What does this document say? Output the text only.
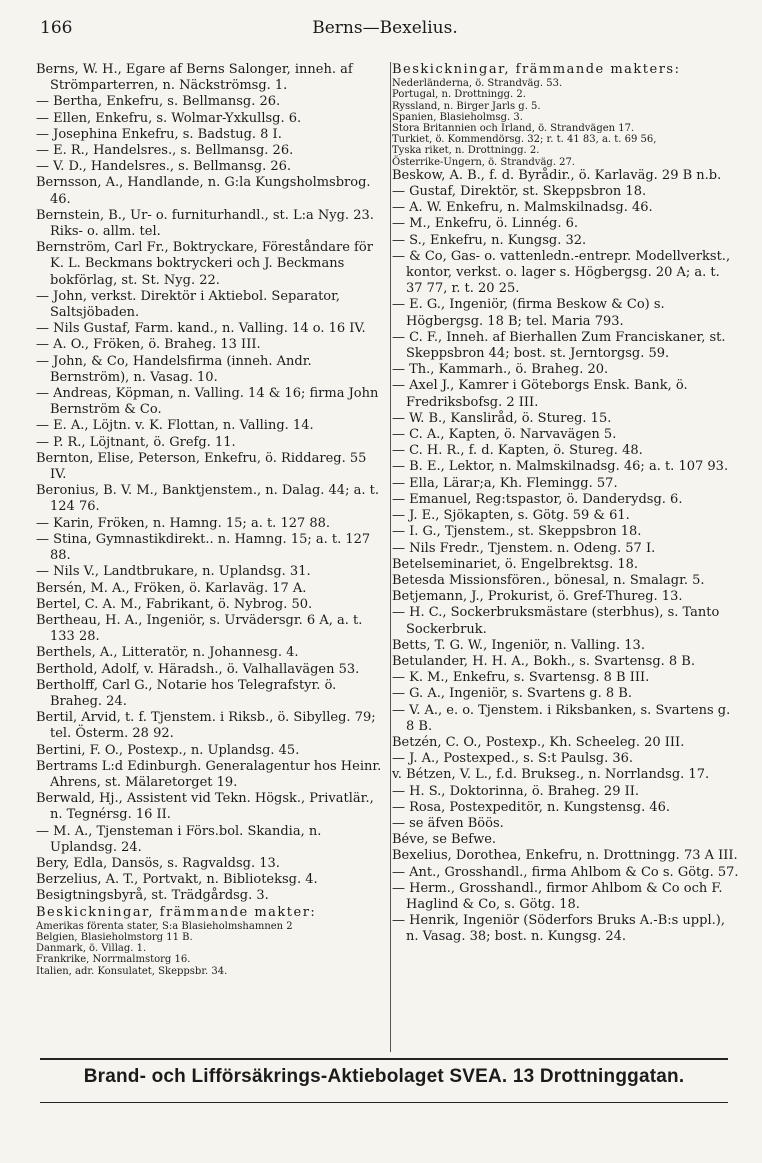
166	Berns—Bexelius.

Berns, W. H., Egare af Berns Salonger, inneh. af Strömparterren, n. Näckströmsg. 1.

— Bertha, Enkefru, s. Bellmansg. 26.

— Ellen, Enkefru, s. Wolmar-Yxkullsg. 6.

— Josephina Enkefru, s. Badstug. 8 I.

— E. R., Handelsres., s. Bellmansg. 26.

— V. D., Handelsres., s. Bellmansg. 26.

Bernsson, A., Handlande, n. G:la Kungsholmsbrog. 46.

Bernstein, B., Ur- o. furniturhandl., st. L:a Nyg. 23. Riks- o. allm. tel.

Bernström, Carl Fr., Boktryckare, Föreståndare för K. L. Beckmans boktryckeri och J. Beckmans bokförlag, st. St. Nyg. 22.

— John, verkst. Direktör i Aktiebol. Separator, Saltsjöbaden.

— Nils Gustaf, Farm. kand., n. Valling. 14 o. 16 IV.

— A. O., Fröken, ö. Braheg. 13 III.

— John, & Co, Handelsfirma (inneh. Andr. Bernström), n. Vasag. 10.

— Andreas, Köpman, n. Valling. 14 & 16; firma John Bernström & Co.

— E. A., Löjtn. v. K. Flottan, n. Valling. 14.

— P. R., Löjtnant, ö. Grefg. 11.

Bernton, Elise, Peterson, Enkefru, ö. Riddareg. 55 IV.

Beronius, B. V. M., Banktjenstem., n. Dalag. 44; a. t. 124 76.

— Karin, Fröken, n. Hamng. 15; a. t. 127 88.

— Stina, Gymnastikdirekt.. n. Hamng. 15; a. t. 127 88.

— Nils V., Landtbrukare, n. Uplandsg. 31.

Bersén, M. A., Fröken, ö. Karlaväg. 17 A.

Bertel, C. A. M., Fabrikant, ö. Nybrog. 50.

Bertheau, H. A., Ingeniör, s. Urvädersgr. 6 A, a. t. 133 28.

Berthels, A., Litteratör, n. Johannesg. 4.

Berthold, Adolf, v. Häradsh., ö. Valhallavägen 53.

Bertholff, Carl G., Notarie hos Telegrafstyr. ö. Braheg. 24.

Bertil, Arvid, t. f. Tjenstem. i Riksb., ö. Sibylleg. 79; tel. Österm. 28 92.

Bertini, F. O., Postexp., n. Uplandsg. 45.

Bertrams L:d Edinburgh. Generalagentur hos Heinr. Ahrens, st. Mälaretorget 19.

Berwald, Hj., Assistent vid Tekn. Högsk., Privatlär., n. Tegnérsg. 16 II.

— M. A., Tjensteman i Förs.bol. Skandia, n. Uplandsg. 24.

Bery, Edla, Dansös, s. Ragvaldsg. 13.

Berzelius, A. T., Portvakt, n. Biblioteksg. 4.

Besigtningsbyrå, st. Trädgårdsg. 3.

Beskickningar, främmande makter:

Amerikas förenta stater, S:a Blasieholmshamnen 2

Belgien, Blasieholmstorg 11 B.

Danmark, ö. Villag. 1.

Frankrike, Norrmalmstorg 16.

Italien, adr. Konsulatet, Skeppsbr. 34.

Beskickningar, främmande makters:

Nederländerna, ö. Strandväg. 53.

Portugal, n. Drottningg. 2.

Ryssland, n. Birger Jarls g. 5.

Spanien, Blasieholmsg. 3.

Stora Britannien och Irland, ö. Strandvägen 17.

Turkiet, ö. Kommendörsg. 32; r. t. 41 83, a. t. 69 56,

Tyska riket, n. Drottningg. 2.

Österrike-Ungern, ö. Strandväg. 27.

Beskow, A. B., f. d. Byrådir., ö. Karlaväg. 29 B n.b.

— Gustaf, Direktör, st. Skeppsbron 18.

— A. W. Enkefru, n. Malmskilnadsg. 46.

— M., Enkefru, ö. Linnég. 6.

— S., Enkefru, n. Kungsg. 32.

— & Co, Gas- o. vattenledn.-entrepr. Modellverkst., kontor, verkst. o. lager s. Högbergsg. 20 A; a. t. 37 77, r. t. 20 25.

— E. G., Ingeniör, (firma Beskow & Co) s. Högbergsg. 18 B; tel. Maria 793.

— C. F., Inneh. af Bierhallen Zum Franciskaner, st. Skeppsbron 44; bost. st. Jerntorgsg. 59.

— Th., Kammarh., ö. Braheg. 20.

— Axel J., Kamrer i Göteborgs Ensk. Bank, ö. Fredriksbofsg. 2 III.

— W. B., Kansliråd, ö. Stureg. 15.

— C. A., Kapten, ö. Narvavägen 5.

— C. H. R., f. d. Kapten, ö. Stureg. 48.

— B. E., Lektor, n. Malmskilnadsg. 46; a. t. 107 93.

— Ella, Lärar;a, Kh. Flemingg. 57.

— Emanuel, Reg:tspastor, ö. Danderydsg. 6.

— J. E., Sjökapten, s. Götg. 59 & 61.

— I. G., Tjenstem., st. Skeppsbron 18.

— Nils Fredr., Tjenstem. n. Odeng. 57 I.

Betelseminariet, ö. Engelbrektsg. 18.

Betesda Missionsfören., bönesal, n. Smalagr. 5.

Betjemann, J., Prokurist, ö. Gref-Thureg. 13.

— H. C., Sockerbruksmästare (sterbhus), s. Tanto Sockerbruk.

Betts, T. G. W., Ingeniör, n. Valling. 13.

Betulander, H. H. A., Bokh., s. Svartensg. 8 B.

— K. M., Enkefru, s. Svartensg. 8 B III.

— G. A., Ingeniör, s. Svartens g. 8 B.

— V. A., e. o. Tjenstem. i Riksbanken, s. Svartens g. 8 B.

Betzén, C. O., Postexp., Kh. Scheeleg. 20 III.

— J. A., Postexped., s. S:t Paulsg. 36.

v. Bétzen, V. L., f.d. Brukseg., n. Norrlandsg. 17.

— H. S., Doktorinna, ö. Braheg. 29 II.

— Rosa, Postexpeditör, n. Kungstensg. 46.

— se äfven Böös.

Béve, se Befwe.

Bexelius, Dorothea, Enkefru, n. Drottningg. 73 A III.

— Ant., Grosshandl., firma Ahlbom & Co s. Götg. 57.

— Herm., Grosshandl., firmor Ahlbom & Co och F. Haglind & Co, s. Götg. 18.

— Henrik, Ingeniör (Söderfors Bruks A.-B:s uppl.), n. Vasag. 38; bost. n. Kungsg. 24.

Brand- och Lifförsäkrings-Aktiebolaget SVEA. 13 Drottninggatan.
